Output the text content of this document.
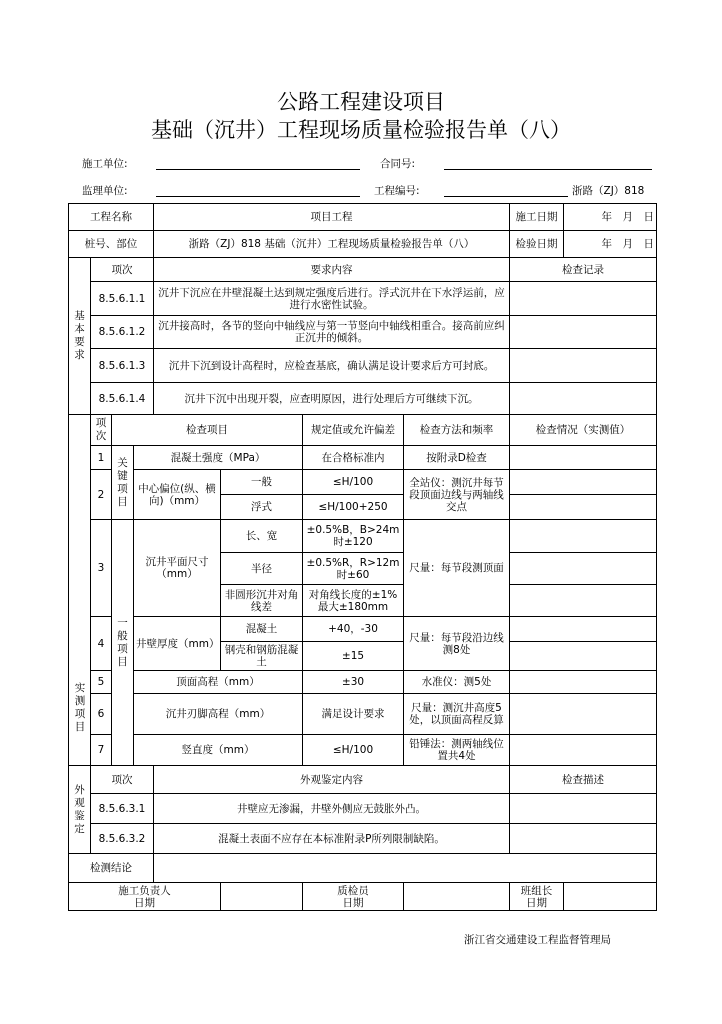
公路工程建设项目
基础（沉井）工程现场质量检验报告单（八）
施工单位:	合同号:
监理单位:	工程编号:	浙路（ZJ）818
工程名称				项目工程				施工日期	年　月　日	
桩号、部位				浙路（ZJ）818 基础（沉井）工程现场质量检验报告单（八）				检验日期	年　月　日	
基本要求	项次			要求内容				检查记录		
	8.5.6.1.1			沉井下沉应在井壁混凝土达到规定强度后进行。浮式沉井在下水浮运前，应进行水密性试验。						
	8.5.6.1.2			沉井接高时，各节的竖向中轴线应与第一节竖向中轴线相重合。接高前应纠正沉井的倾斜。						
	8.5.6.1.3			沉井下沉到设计高程时，应检查基底，确认满足设计要求后方可封底。						
	8.5.6.1.4			沉井下沉中出现开裂，应查明原因，进行处理后方可继续下沉。						
	项次	检查项目				规定值或允许偏差	检查方法和频率	检查情况（实测值）	
	1	关键项目	混凝土强度（MPa）			在合格标准内	按附录D检查			
	2		中心偏位(纵、横向)（mm）		一般	≤H/100	全站仪：测沉井每节段顶面边线与两轴线交点			
					浮式	≤H/100+250				
	3	一般项目	沉井平面尺寸（mm）		长、宽	±0.5%B，B>24m时±120	尺量：每节段测顶面			
					半径	±0.5%R，R>12m时±60				
					非圆形沉井对角线差	对角线长度的±1%最大±180mm				
	4		井壁厚度（mm）		混凝土	+40，-30	尺量：每节段沿边线测8处			
					钢壳和钢筋混凝土	±15				
	5		顶面高程（mm）			±30	水准仪：测5处			
	6		沉井刃脚高程（mm）			满足设计要求	尺量：测沉井高度5处，以顶面高程反算			
	7		竖直度（mm）			≤H/100	铅锤法：测两轴线位置共4处			
外观鉴定	项次			外观鉴定内容				检查描述		
	8.5.6.3.1			井壁应无渗漏，井壁外侧应无鼓胀外凸。						
	8.5.6.3.2			混凝土表面不应存在本标准附录P所列限制缺陷。						
检测结论										
施工负责人日期						质检员日期		班组长日期		
实测项目
浙江省交通建设工程监督管理局
